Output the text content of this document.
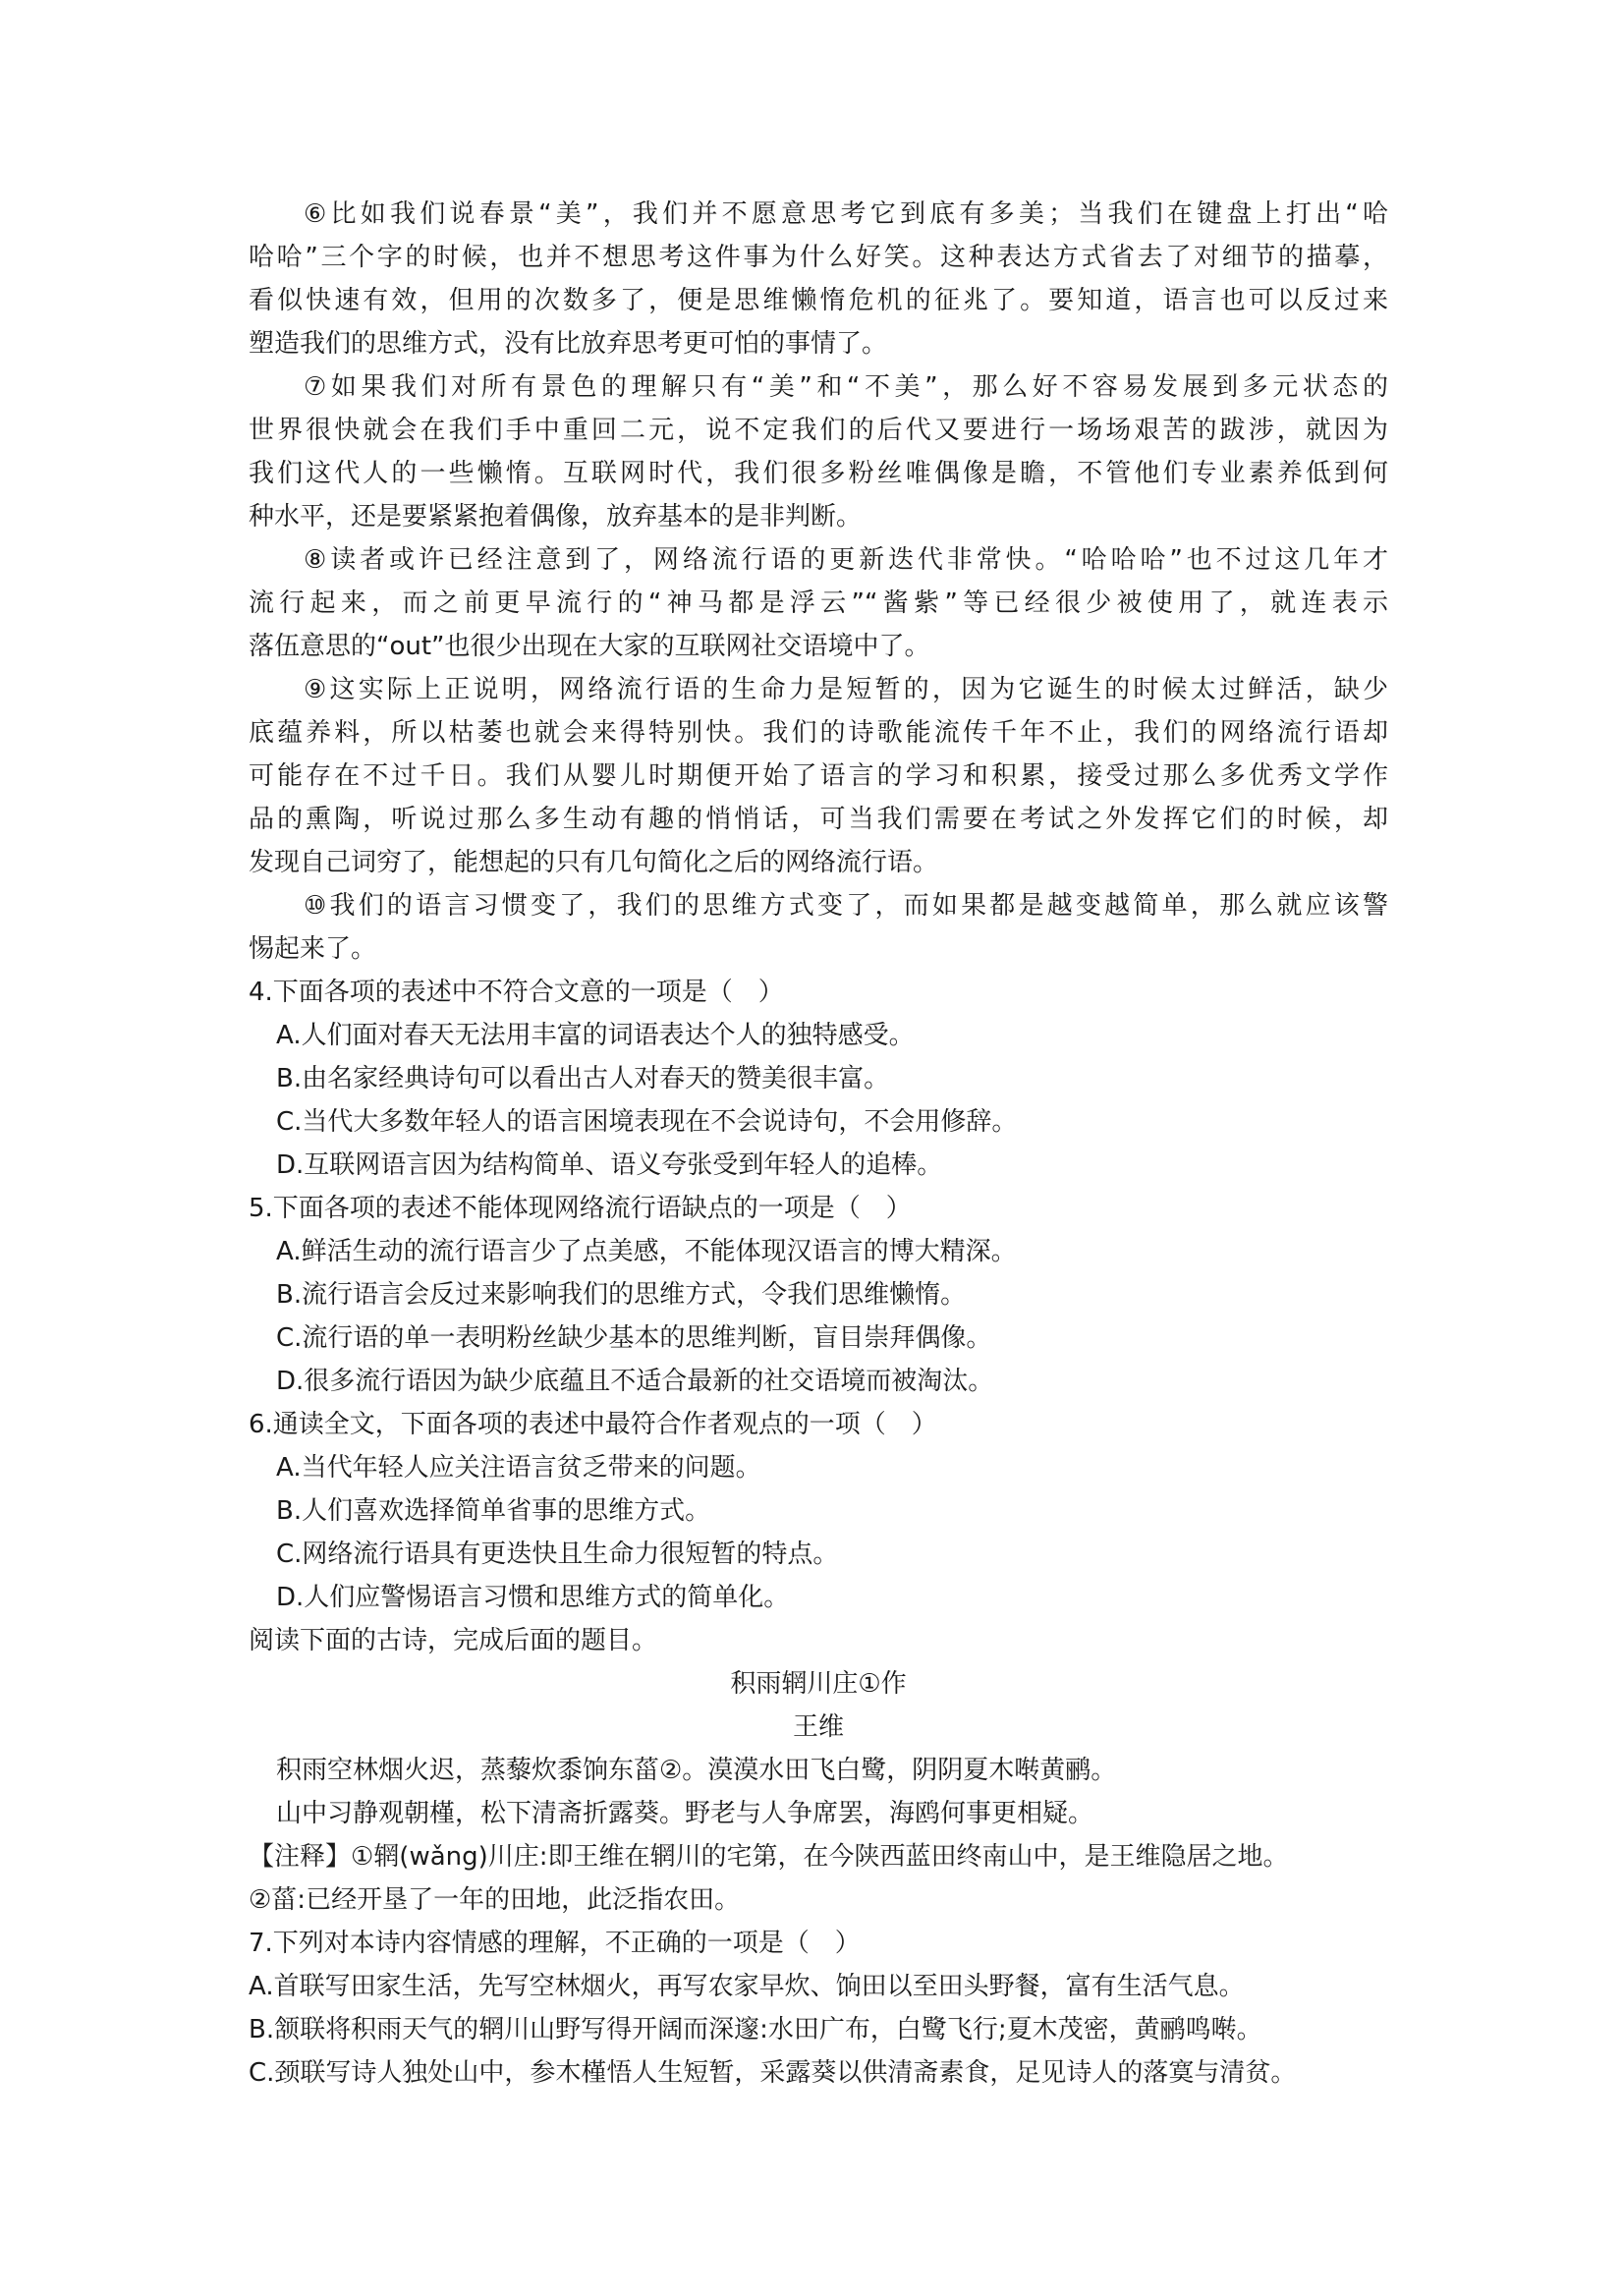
⑥比如我们说春景“美”，我们并不愿意思考它到底有多美；当我们在键盘上打出“哈
哈哈”三个字的时候，也并不想思考这件事为什么好笑。这种表达方式省去了对细节的描摹，
看似快速有效，但用的次数多了，便是思维懒惰危机的征兆了。要知道，语言也可以反过来
塑造我们的思维方式，没有比放弃思考更可怕的事情了。
⑦如果我们对所有景色的理解只有“美”和“不美”，那么好不容易发展到多元状态的
世界很快就会在我们手中重回二元，说不定我们的后代又要进行一场场艰苦的跋涉，就因为
我们这代人的一些懒惰。互联网时代，我们很多粉丝唯偶像是瞻，不管他们专业素养低到何
种水平，还是要紧紧抱着偶像，放弃基本的是非判断。
⑧读者或许已经注意到了，网络流行语的更新迭代非常快。“哈哈哈”也不过这几年才
流行起来，而之前更早流行的“神马都是浮云”“酱紫”等已经很少被使用了，就连表示
落伍意思的“out”也很少出现在大家的互联网社交语境中了。
⑨这实际上正说明，网络流行语的生命力是短暂的，因为它诞生的时候太过鲜活，缺少
底蕴养料，所以枯萎也就会来得特别快。我们的诗歌能流传千年不止，我们的网络流行语却
可能存在不过千日。我们从婴儿时期便开始了语言的学习和积累，接受过那么多优秀文学作
品的熏陶，听说过那么多生动有趣的悄悄话，可当我们需要在考试之外发挥它们的时候，却
发现自己词穷了，能想起的只有几句简化之后的网络流行语。
⑩我们的语言习惯变了，我们的思维方式变了，而如果都是越变越简单，那么就应该警
惕起来了。
4.下面各项的表述中不符合文意的一项是（　）
A.人们面对春天无法用丰富的词语表达个人的独特感受。
B.由名家经典诗句可以看出古人对春天的赞美很丰富。
C.当代大多数年轻人的语言困境表现在不会说诗句，不会用修辞。
D.互联网语言因为结构简单、语义夸张受到年轻人的追棒。
5.下面各项的表述不能体现网络流行语缺点的一项是（　）
A.鲜活生动的流行语言少了点美感，不能体现汉语言的博大精深。
B.流行语言会反过来影响我们的思维方式，令我们思维懒惰。
C.流行语的单一表明粉丝缺少基本的思维判断，盲目崇拜偶像。
D.很多流行语因为缺少底蕴且不适合最新的社交语境而被淘汰。
6.通读全文，下面各项的表述中最符合作者观点的一项（　）
A.当代年轻人应关注语言贫乏带来的问题。
B.人们喜欢选择简单省事的思维方式。
C.网络流行语具有更迭快且生命力很短暂的特点。
D.人们应警惕语言习惯和思维方式的简单化。
阅读下面的古诗，完成后面的题目。
积雨辋川庄①作
王维
积雨空林烟火迟，蒸藜炊黍饷东菑②。漠漠水田飞白鹭，阴阴夏木啭黄鹂。
山中习静观朝槿，松下清斋折露葵。野老与人争席罢，海鸥何事更相疑。
【注释】①辋(wǎng)川庄:即王维在辋川的宅第，在今陕西蓝田终南山中，是王维隐居之地。
②菑:已经开垦了一年的田地，此泛指农田。
7.下列对本诗内容情感的理解，不正确的一项是（　）
A.首联写田家生活，先写空林烟火，再写农家早炊、饷田以至田头野餐，富有生活气息。
B.颔联将积雨天气的辋川山野写得开阔而深邃:水田广布，白鹭飞行;夏木茂密，黄鹂鸣啭。
C.颈联写诗人独处山中，参木槿悟人生短暂，采露葵以供清斋素食，足见诗人的落寞与清贫。
